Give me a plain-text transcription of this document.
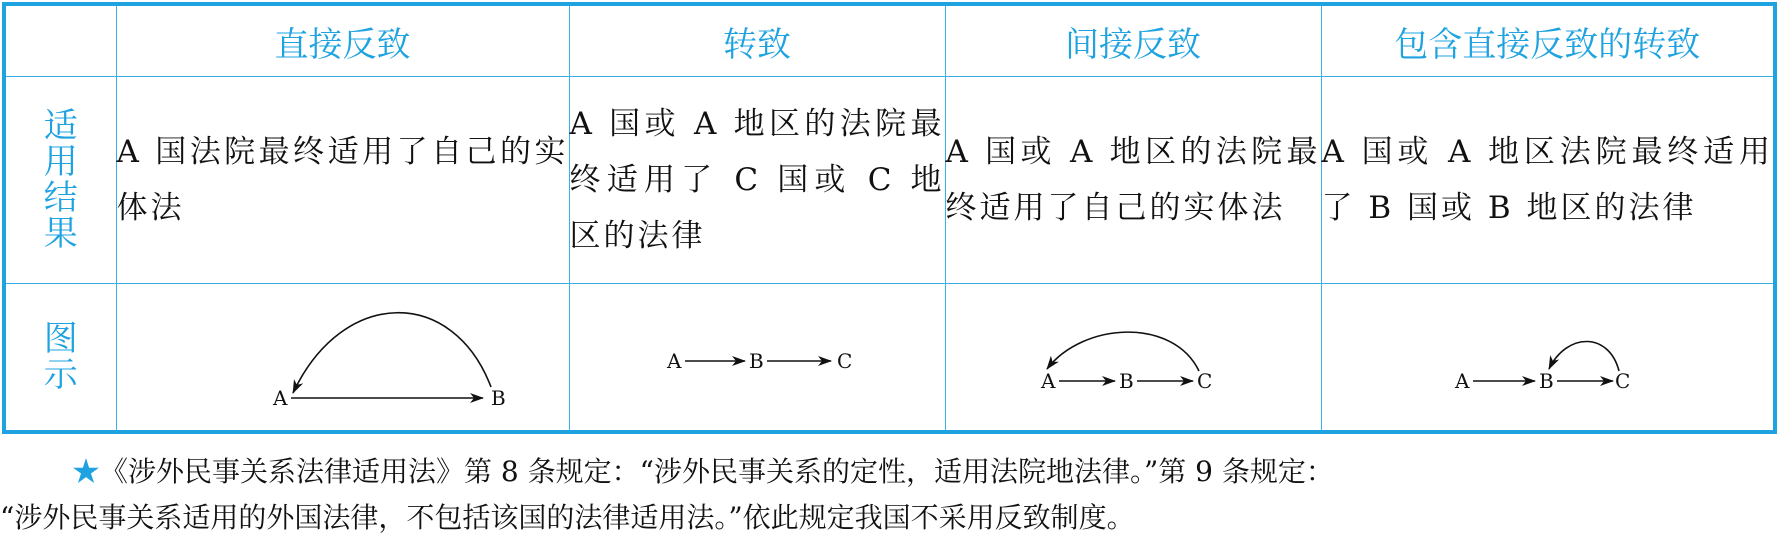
	直接反致	转致	间接反致	包含直接反致的转致

适
用
结
果	A 国法院最终适用了自己的实体法	A 国或 A 地区的法院最终适用了 C 国或 C 地区的法律	A 国或 A 地区的法院最终适用了自己的实体法	A 国或 A 地区法院最终适用了 B 国或 B 地区的法律

图
示	A B	A B C	A B C	A B C
★《涉外民事关系法律适用法》第 8 条规定：“涉外民事关系的定性，适用法院地法律。”第 9 条规定：
“涉外民事关系适用的外国法律，不包括该国的法律适用法。”依此规定我国不采用反致制度。
